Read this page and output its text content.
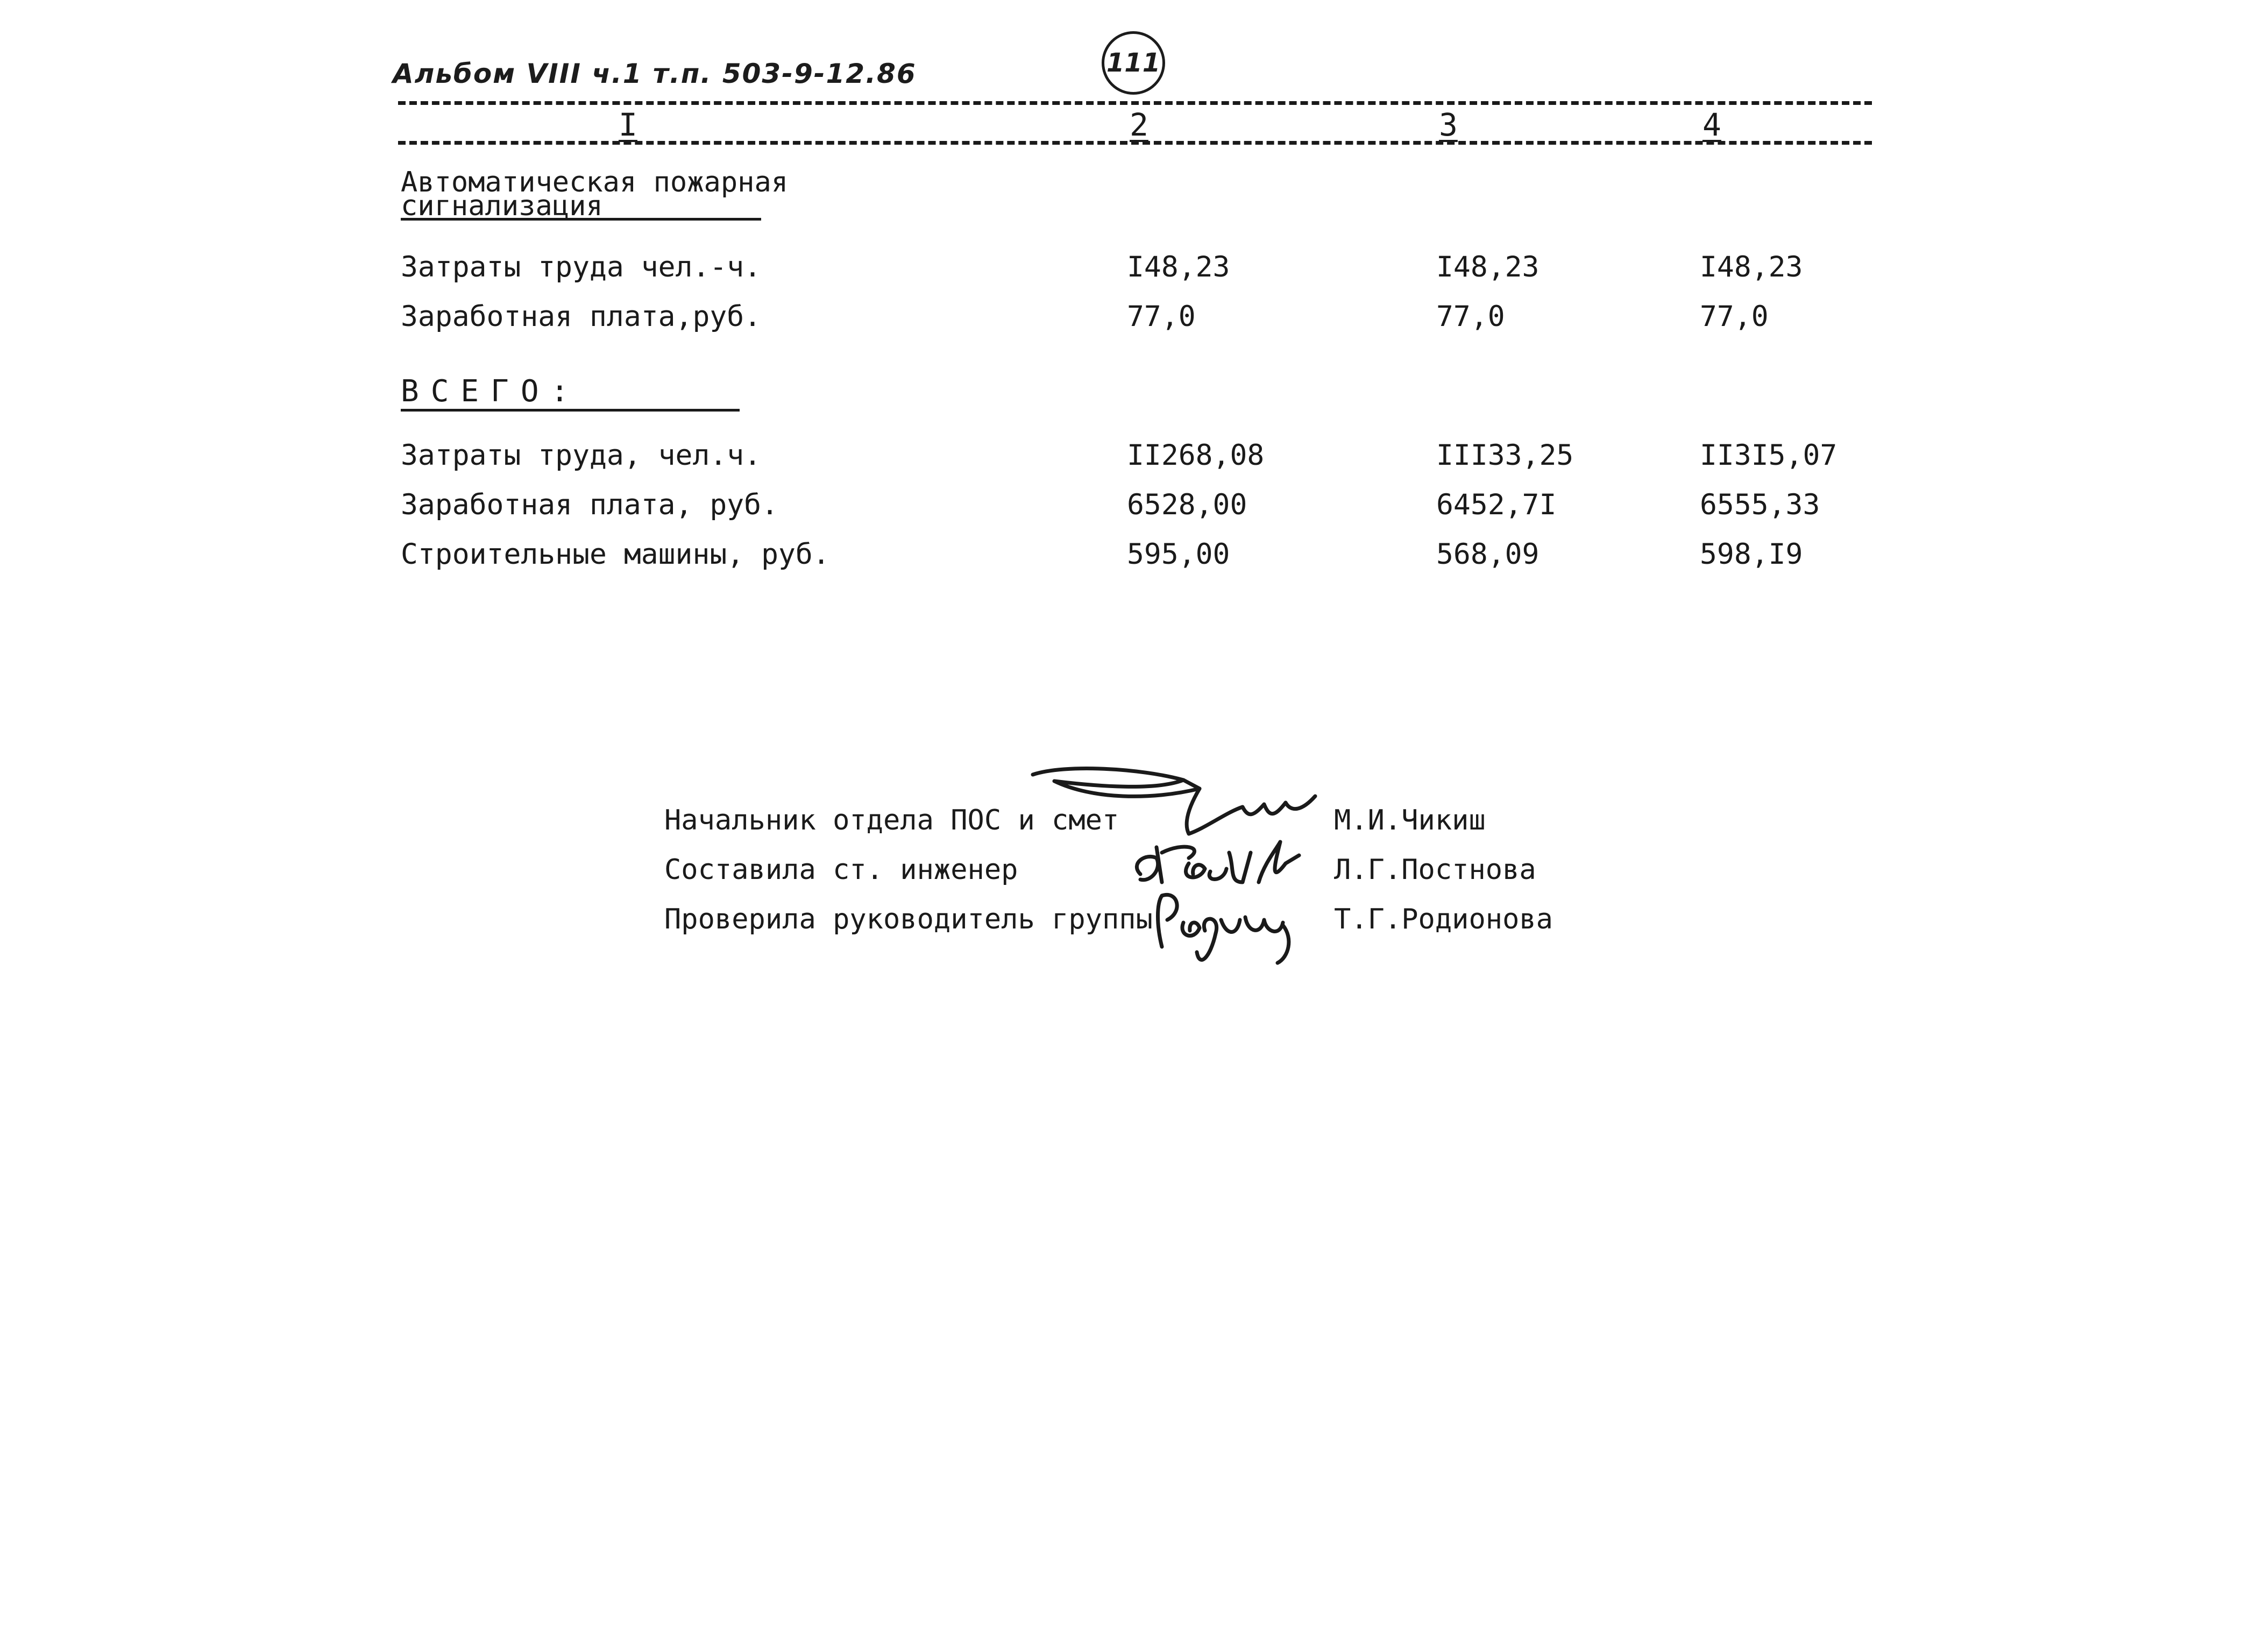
Альбом VIII ч.1 т.п. 503-9-12.86	111
I	2	3	4
Автоматическая пожарная
сигнализация
Затраты труда чел.-ч.	I48,23	I48,23	I48,23
Заработная плата,руб.	77,0	77,0	77,0
ВСЕГО:
Затраты труда, чел.ч.	II268,08	III33,25	II3I5,07
Заработная плата, руб.	6528,00	6452,7I	6555,33
Строительные машины, руб.	595,00	568,09	598,I9
Начальник отдела ПОС и смет	М.И.Чикиш
Составила ст. инженер	Л.Г.Постнова
Проверила руководитель группы	Т.Г.Родионова
